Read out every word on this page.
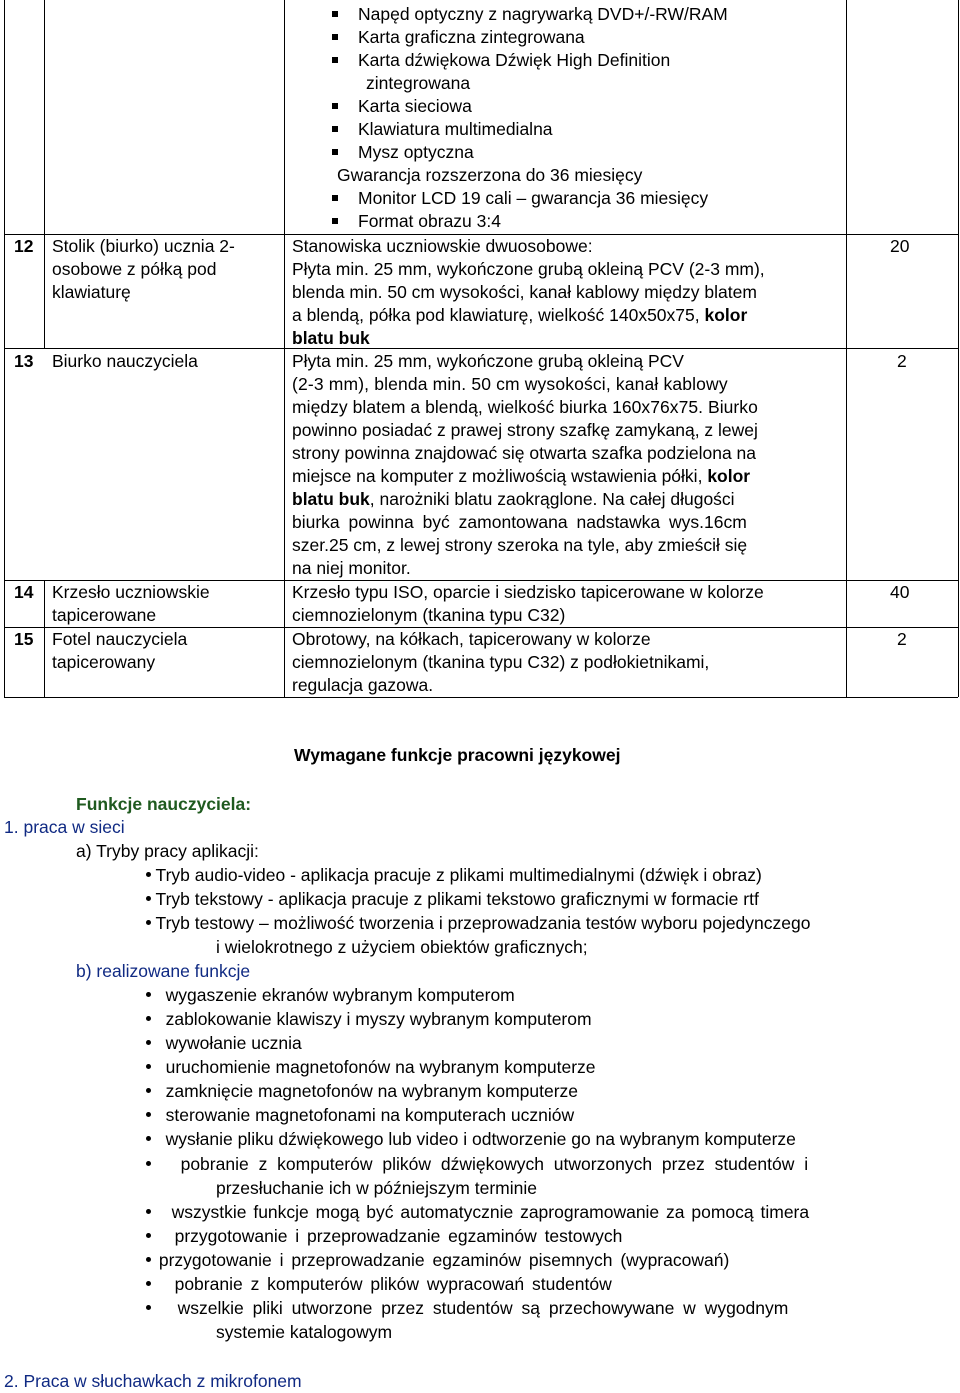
Napęd optyczny z nagrywarką DVD+/-RW/RAM
Karta graficzna zintegrowana
Karta dźwiękowa Dźwięk High Definition
zintegrowana
Karta sieciowa
Klawiatura multimedialna
Mysz optyczna
Gwarancja rozszerzona do 36 miesięcy
Monitor LCD 19 cali – gwarancja 36 miesięcy
Format obrazu 3:4
12 Stolik (biurko) ucznia 2-
osobowe z półką pod
klawiaturę
Stanowiska uczniowskie dwuosobowe:
Płyta min. 25 mm, wykończone grubą okleiną PCV (2-3 mm),
blenda min. 50 cm wysokości, kanał kablowy między blatem
a blendą, półka pod klawiaturę, wielkość 140x50x75, kolor
blatu buk
20
13 Biurko nauczyciela	Płyta min. 25 mm, wykończone grubą okleiną PCV
(2-3 mm), blenda min. 50 cm wysokości, kanał kablowy
między blatem a blendą, wielkość biurka 160x76x75. Biurko
powinno posiadać z prawej strony szafkę zamykaną, z lewej
strony powinna znajdować się otwarta szafka podzielona na
miejsce na komputer z możliwością wstawienia półki, kolor
blatu buk, narożniki blatu zaokrąglone. Na całej długości
biurka powinna być zamontowana nadstawka wys.16cm
szer.25 cm, z lewej strony szeroka na tyle, aby zmieścił się
na niej monitor.
2
14 Krzesło uczniowskie
tapicerowane
Krzesło typu ISO, oparcie i siedzisko tapicerowane w kolorze
ciemnozielonym (tkanina typu C32)
40
15 Fotel nauczyciela
tapicerowany
Obrotowy, na kółkach, tapicerowany w kolorze
ciemnozielonym (tkanina typu C32) z podłokietnikami,
regulacja gazowa.
2
Wymagane funkcje pracowni językowej
Funkcje nauczyciela:
1. praca w sieci
a) Tryby pracy aplikacji:
Tryb audio-video - aplikacja pracuje z plikami multimedialnymi (dźwięk i obraz)
Tryb tekstowy - aplikacja pracuje z plikami tekstowo graficznymi w formacie rtf
Tryb testowy – możliwość tworzenia i przeprowadzania testów wyboru pojedynczego
i wielokrotnego z użyciem obiektów graficznych;
b) realizowane funkcje
wygaszenie ekranów wybranym komputerom
zablokowanie klawiszy i myszy wybranym komputerom
wywołanie ucznia
uruchomienie magnetofonów na wybranym komputerze
zamknięcie magnetofonów na wybranym komputerze
sterowanie magnetofonami na komputerach uczniów
wysłanie pliku dźwiękowego lub video i odtworzenie go na wybranym komputerze
pobranie z komputerów plików dźwiękowych utworzonych przez studentów i
przesłuchanie ich w późniejszym terminie
wszystkie funkcje mogą być automatycznie zaprogramowanie za pomocą timera
przygotowanie i przeprowadzanie egzaminów testowych
przygotowanie i przeprowadzanie egzaminów pisemnych (wypracowań)
pobranie z komputerów plików wypracowań studentów
wszelkie pliki utworzone przez studentów są przechowywane w wygodnym
systemie katalogowym
2. Praca w słuchawkach z mikrofonem
